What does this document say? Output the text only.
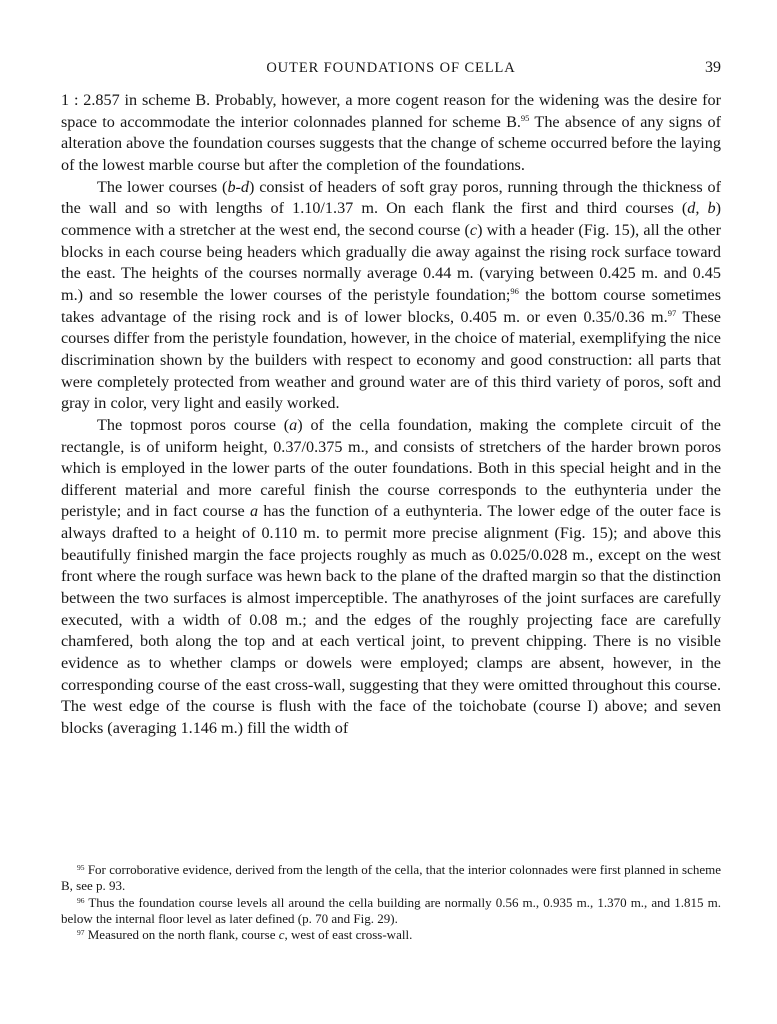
OUTER FOUNDATIONS OF CELLA	39

1 : 2.857 in scheme B. Probably, however, a more cogent reason for the widening was the desire for space to accommodate the interior colonnades planned for scheme B.$^{95}$ The absence of any signs of alteration above the foundation courses suggests that the change of scheme occurred before the laying of the lowest marble course but after the completion of the foundations.

The lower courses (b-d) consist of headers of soft gray poros, running through the thickness of the wall and so with lengths of 1.10/1.37 m. On each flank the first and third courses (d, b) commence with a stretcher at the west end, the second course (c) with a header (Fig. 15), all the other blocks in each course being headers which gradually die away against the rising rock surface toward the east. The heights of the courses normally average 0.44 m. (varying between 0.425 m. and 0.45 m.) and so resemble the lower courses of the peristyle foundation;$^{96}$ the bottom course sometimes takes advantage of the rising rock and is of lower blocks, 0.405 m. or even 0.35/0.36 m.$^{97}$ These courses differ from the peristyle foundation, however, in the choice of material, exemplifying the nice discrimination shown by the builders with respect to economy and good construction: all parts that were completely protected from weather and ground water are of this third variety of poros, soft and gray in color, very light and easily worked.

The topmost poros course (a) of the cella foundation, making the complete circuit of the rectangle, is of uniform height, 0.37/0.375 m., and consists of stretchers of the harder brown poros which is employed in the lower parts of the outer foundations. Both in this special height and in the different material and more careful finish the course corresponds to the euthynteria under the peristyle; and in fact course a has the function of a euthynteria. The lower edge of the outer face is always drafted to a height of 0.110 m. to permit more precise alignment (Fig. 15); and above this beautifully finished margin the face projects roughly as much as 0.025/0.028 m., except on the west front where the rough surface was hewn back to the plane of the drafted margin so that the distinction between the two surfaces is almost imperceptible. The anathyroses of the joint surfaces are carefully executed, with a width of 0.08 m.; and the edges of the roughly projecting face are carefully chamfered, both along the top and at each vertical joint, to prevent chipping. There is no visible evidence as to whether clamps or dowels were employed; clamps are absent, however, in the corresponding course of the east cross-wall, suggesting that they were omitted throughout this course. The west edge of the course is flush with the face of the toichobate (course I) above; and seven blocks (averaging 1.146 m.) fill the width of

$^{95}$ For corroborative evidence, derived from the length of the cella, that the interior colonnades were first planned in scheme B, see p. 93.

$^{96}$ Thus the foundation course levels all around the cella building are normally 0.56 m., 0.935 m., 1.370 m., and 1.815 m. below the internal floor level as later defined (p. 70 and Fig. 29).

$^{97}$ Measured on the north flank, course c, west of east cross-wall.
